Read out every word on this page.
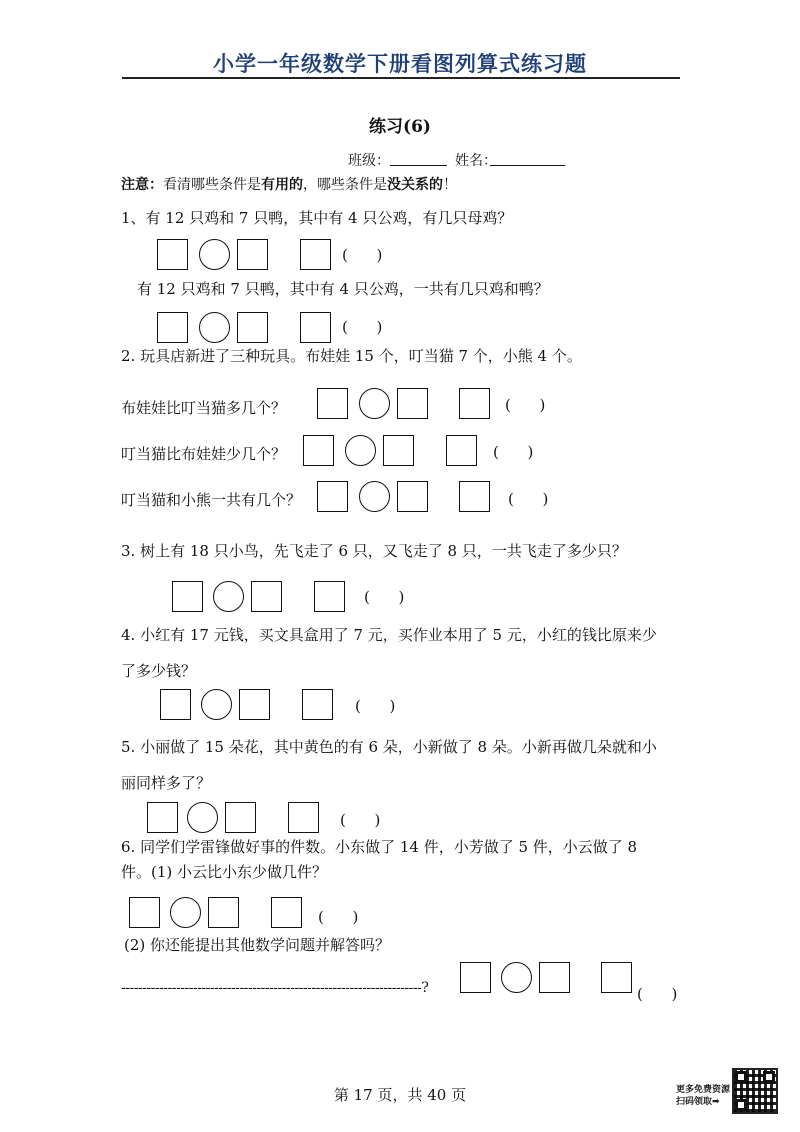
小学一年级数学下册看图列算式练习题
练习(6)
班级：	姓名：
注意：看清哪些条件是有用的，哪些条件是没关系的！
1、有 12 只鸡和 7 只鸭，其中有 4 只公鸡，有几只母鸡？
(      )
有 12 只鸡和 7 只鸭，其中有 4 只公鸡，一共有几只鸡和鸭？
(      )
2. 玩具店新进了三种玩具。布娃娃 15 个，叮当猫 7 个，小熊 4 个。
布娃娃比叮当猫多几个？	(      )
叮当猫比布娃娃少几个？	(      )
叮当猫和小熊一共有几个？	(      )
3. 树上有 18 只小鸟，先飞走了 6 只，又飞走了 8 只，一共飞走了多少只？
(      )
4. 小红有 17 元钱，买文具盒用了 7 元，买作业本用了 5 元，小红的钱比原来少
了多少钱？
(      )
5. 小丽做了 15 朵花，其中黄色的有 6 朵，小新做了 8 朵。小新再做几朵就和小
丽同样多了？
(      )
6. 同学们学雷锋做好事的件数。小东做了 14 件，小芳做了 5 件，小云做了 8
件。(1) 小云比小东少做几件？
(      )
(2) 你还能提出其他数学问题并解答吗？
-----------------------------------------------------------------------?	(      )
第 17 页，共 40 页	更多免费资源
扫码领取➡
